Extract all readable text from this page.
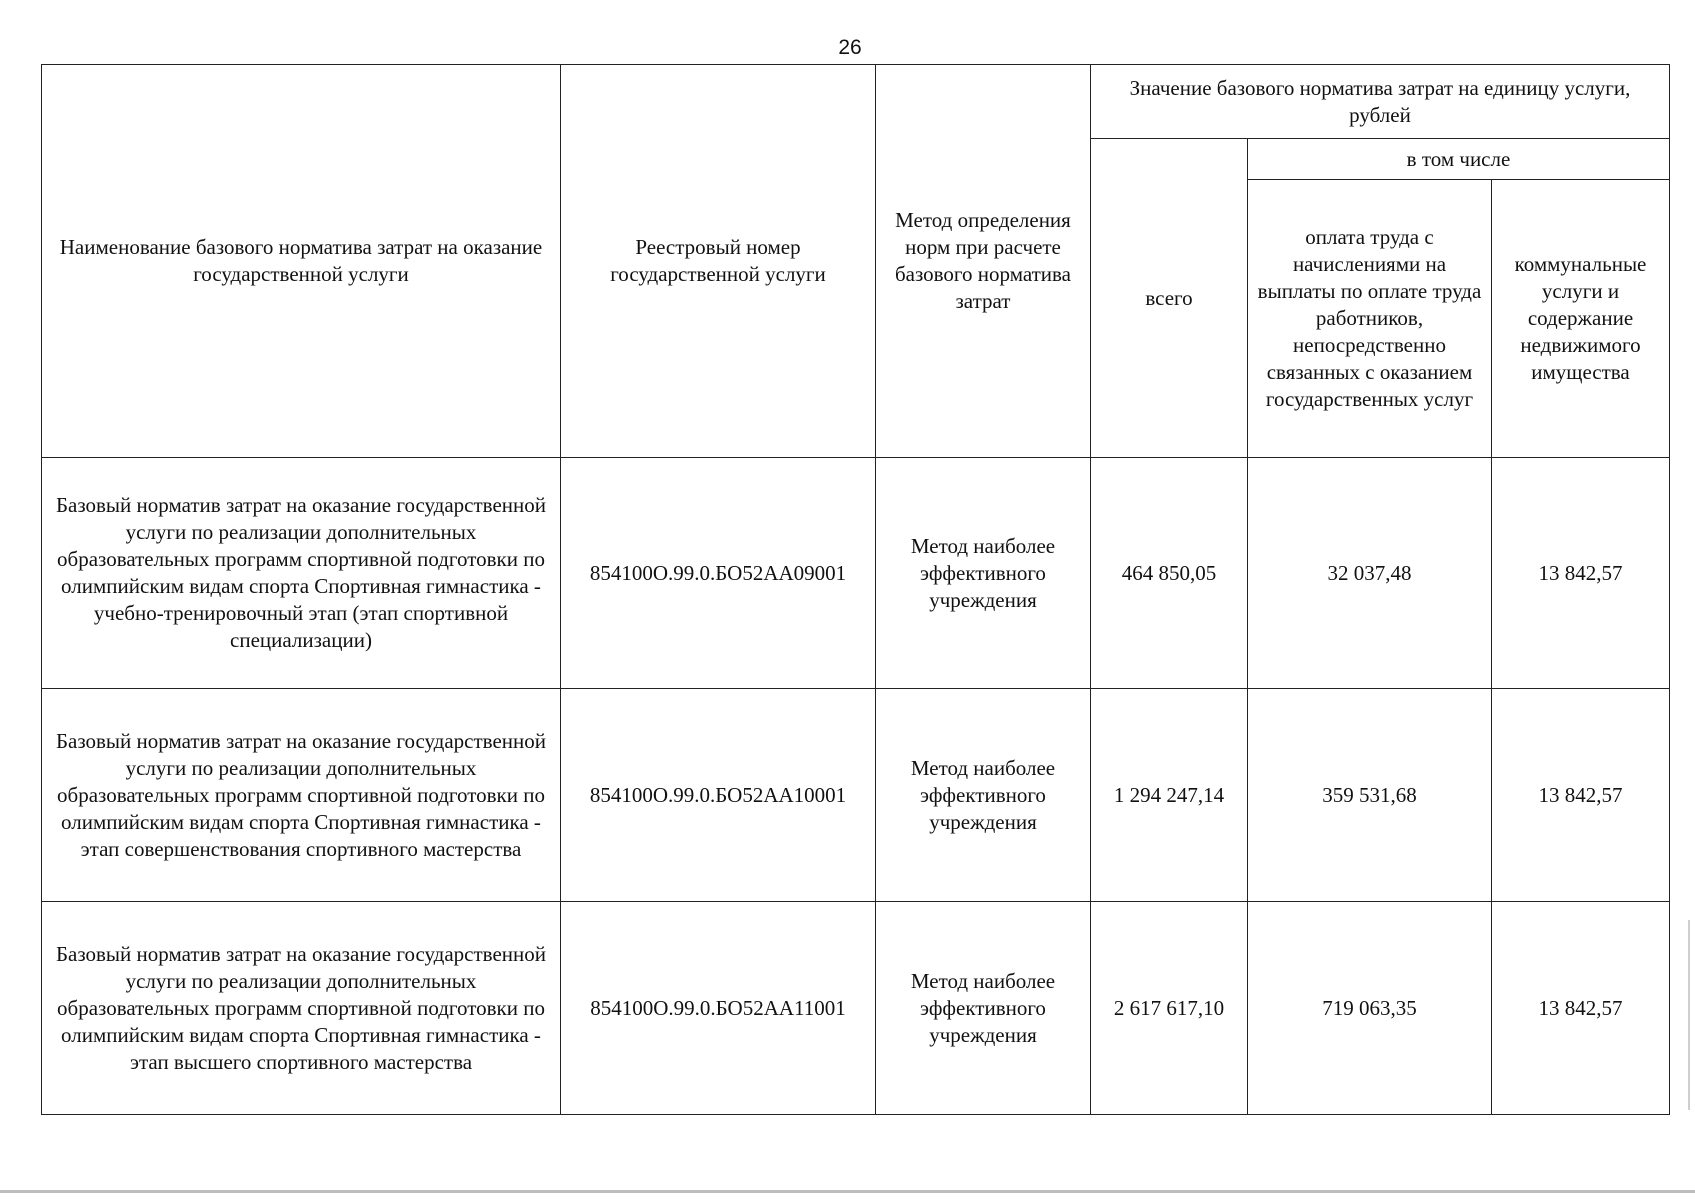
26
Наименование базового норматива затрат на оказание государственной услуги	Реестровый номер государственной услуги	Метод определения норм при расчете базового норматива затрат	Значение базового норматива затрат на единицу услуги, рублей		
			всего	в том числе	
				оплата труда с начислениями на выплаты по оплате труда работников, непосредственно связанных с оказанием государственных услуг	коммунальные услуги и содержание недвижимого имущества
Базовый норматив затрат на оказание государственной услуги по реализации дополнительных образовательных программ спортивной подготовки по олимпийским видам спорта Спортивная гимнастика - учебно-тренировочный этап (этап спортивной специализации)	854100О.99.0.БО52АА09001	Метод наиболее эффективного учреждения	464 850,05	32 037,48	13 842,57
Базовый норматив затрат на оказание государственной услуги по реализации дополнительных образовательных программ спортивной подготовки по олимпийским видам спорта Спортивная гимнастика - этап совершенствования спортивного мастерства	854100О.99.0.БО52АА10001	Метод наиболее эффективного учреждения	1 294 247,14	359 531,68	13 842,57
Базовый норматив затрат на оказание государственной услуги по реализации дополнительных образовательных программ спортивной подготовки по олимпийским видам спорта Спортивная гимнастика - этап высшего спортивного мастерства	854100О.99.0.БО52АА11001	Метод наиболее эффективного учреждения	2 617 617,10	719 063,35	13 842,57
